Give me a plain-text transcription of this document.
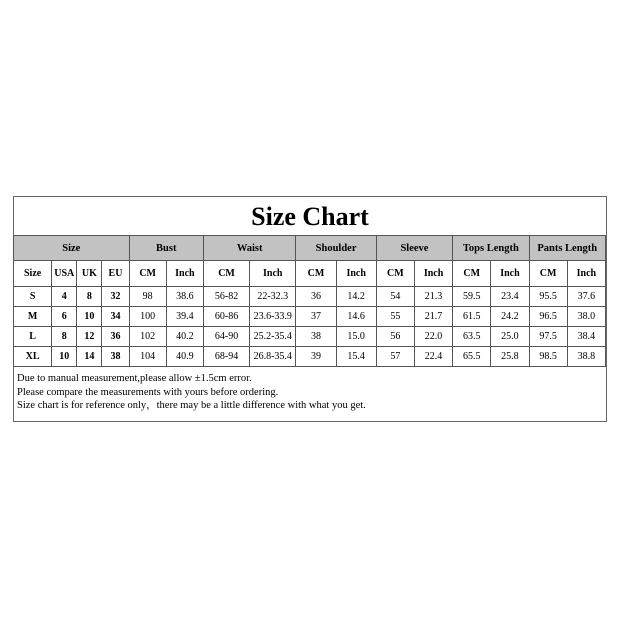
Size Chart
Size				Bust		Waist		Shoulder		Sleeve		Tops Length		Pants Length	
Size	USA	UK	EU	CM	Inch	CM	Inch	CM	Inch	CM	Inch	CM	Inch	CM	Inch
S	4	8	32	98	38.6	56-82	22-32.3	36	14.2	54	21.3	59.5	23.4	95.5	37.6
M	6	10	34	100	39.4	60-86	23.6-33.9	37	14.6	55	21.7	61.5	24.2	96.5	38.0
L	8	12	36	102	40.2	64-90	25.2-35.4	38	15.0	56	22.0	63.5	25.0	97.5	38.4
XL	10	14	38	104	40.9	68-94	26.8-35.4	39	15.4	57	22.4	65.5	25.8	98.5	38.8
Due to manual measurement,please allow ±1.5cm error.
Please compare the measurements with yours before ordering.
Size chart is for reference only，there may be a little difference with what you get.
